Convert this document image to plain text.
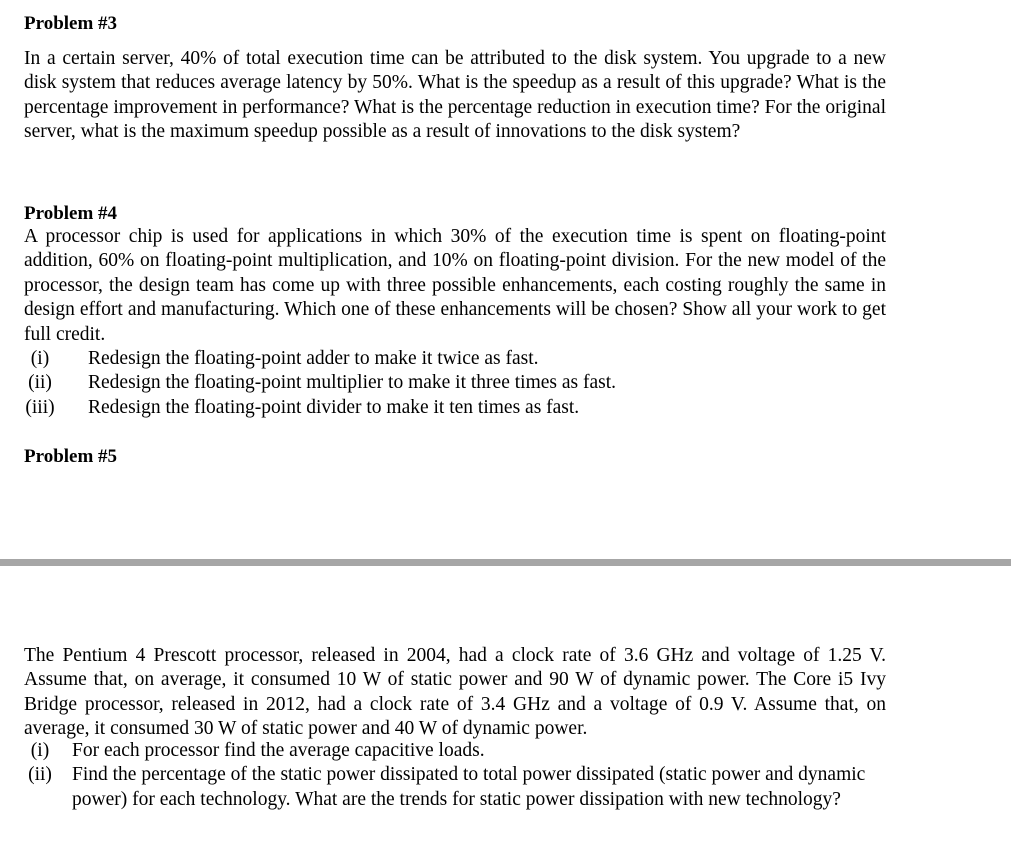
Problem #3

In a certain server, 40% of total execution time can be attributed to the disk system. You upgrade to a new disk system that reduces average latency by 50%. What is the speedup as a result of this upgrade? What is the percentage improvement in performance? What is the percentage reduction in execution time? For the original server, what is the maximum speedup possible as a result of innovations to the disk system?

Problem #4

A processor chip is used for applications in which 30% of the execution time is spent on floating-point addition, 60% on floating-point multiplication, and 10% on floating-point division. For the new model of the processor, the design team has come up with three possible enhancements, each costing roughly the same in design effort and manufacturing. Which one of these enhancements will be chosen? Show all your work to get full credit.

(i)	Redesign the floating-point adder to make it twice as fast.
(ii)	Redesign the floating-point multiplier to make it three times as fast.
(iii)	Redesign the floating-point divider to make it ten times as fast.
Problem #5

The Pentium 4 Prescott processor, released in 2004, had a clock rate of 3.6 GHz and voltage of 1.25 V. Assume that, on average, it consumed 10 W of static power and 90 W of dynamic power. The Core i5 Ivy Bridge processor, released in 2012, had a clock rate of 3.4 GHz and a voltage of 0.9 V. Assume that, on average, it consumed 30 W of static power and 40 W of dynamic power.

(i)	For each processor find the average capacitive loads.
(ii)	Find the percentage of the static power dissipated to total power dissipated (static power and dynamic power) for each technology. What are the trends for static power dissipation with new technology?
